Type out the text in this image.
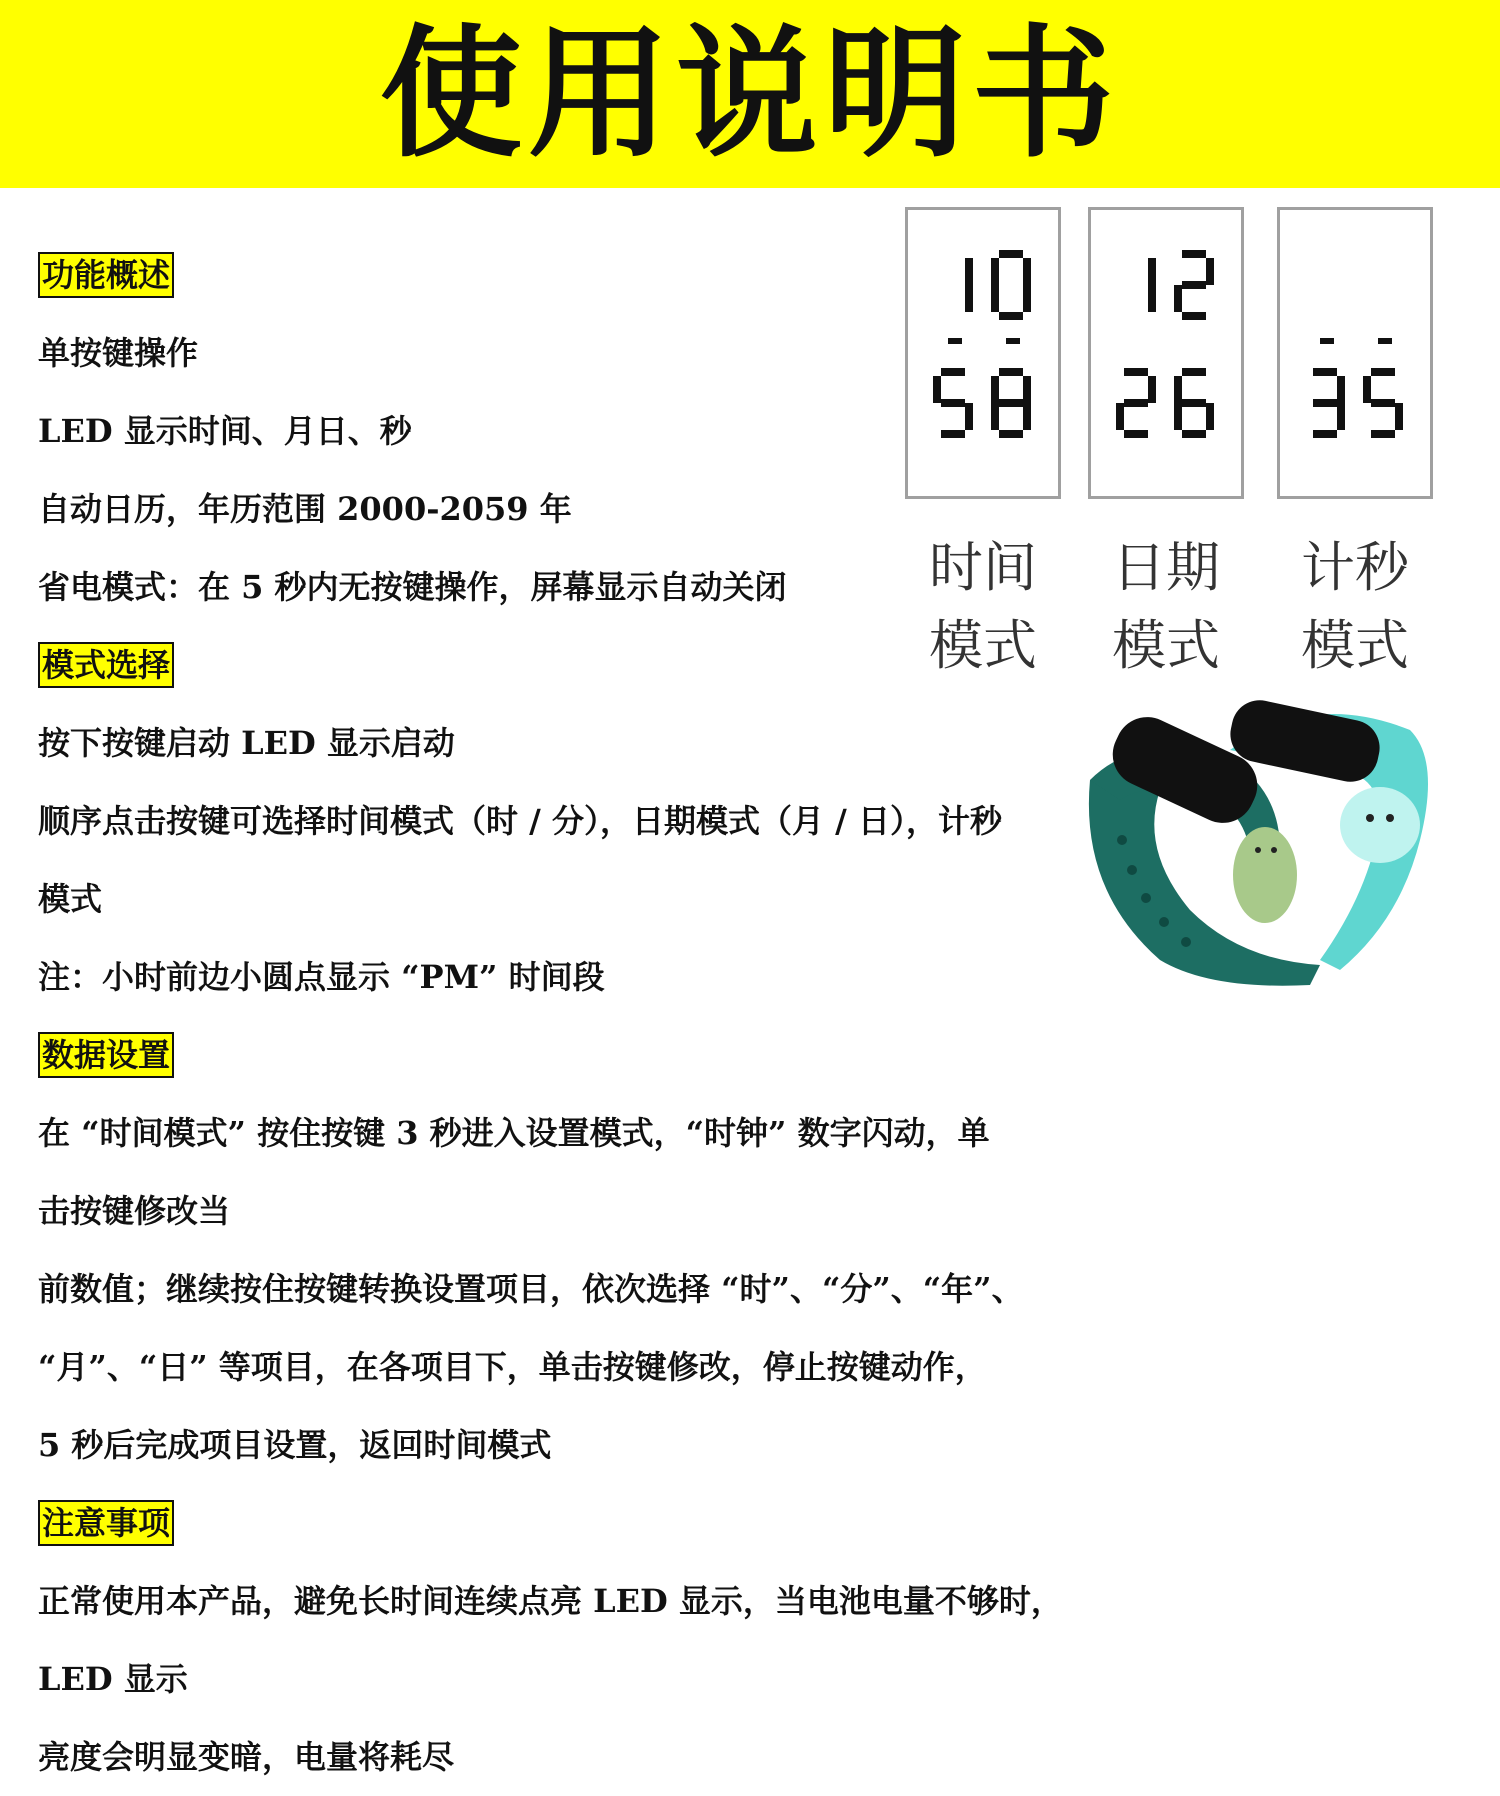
使用说明书
功能概述
单按键操作
LED 显示时间、月日、秒
自动日历，年历范围 2000-2059 年
省电模式：在 5 秒内无按键操作，屏幕显示自动关闭
模式选择
按下按键启动 LED 显示启动
顺序点击按键可选择时间模式（时 / 分），日期模式（月 / 日），计秒
模式
注：小时前边小圆点显示 “PM” 时间段
数据设置
在 “时间模式” 按住按键 3 秒进入设置模式，“时钟” 数字闪动，单
击按键修改当
前数值；继续按住按键转换设置项目，依次选择 “时”、“分”、“年”、
“月”、“日” 等项目，在各项目下，单击按键修改，停止按键动作，
5 秒后完成项目设置，返回时间模式
注意事项
正常使用本产品，避免长时间连续点亮 LED 显示，当电池电量不够时，
LED 显示
亮度会明显变暗，电量将耗尽
时间
模式
日期
模式
计秒
模式
